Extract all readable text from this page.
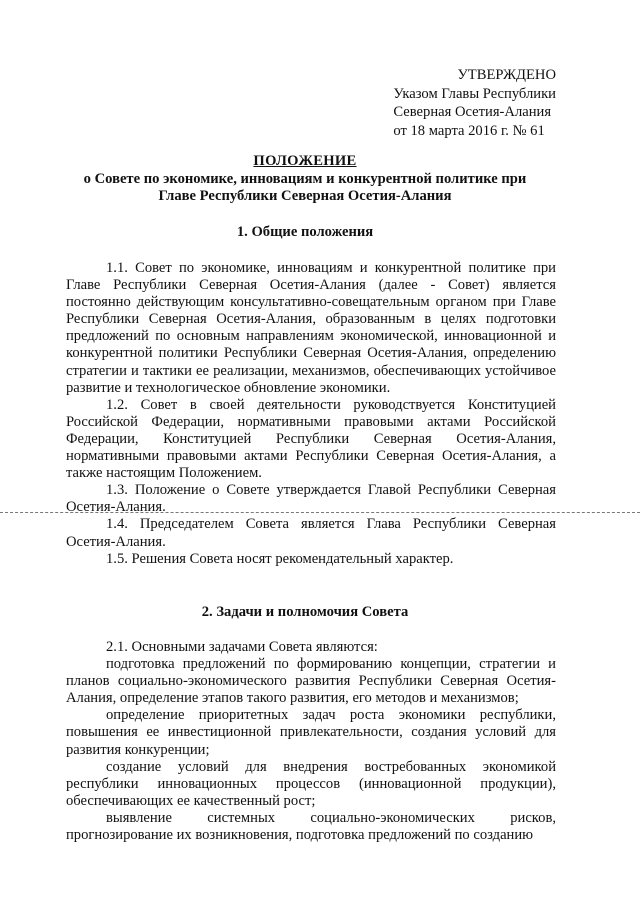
УТВЕРЖДЕНО
Указом Главы Республики
Северная Осетия-Алания
от 18 марта 2016 г. № 61
ПОЛОЖЕНИЕ
о Совете по экономике, инновациям и конкурентной политике при
Главе Республики Северная Осетия-Алания
1. Общие положения

1.1. Совет по экономике, инновациям и конкурентной политике при Главе Республики Северная Осетия-Алания (далее - Совет) является постоянно действующим консультативно-совещательным органом при Главе Республики Северная Осетия-Алания, образованным в целях подготовки предложений по основным направлениям экономической, инновационной и конкурентной политики Республики Северная Осетия-Алания, определению стратегии и тактики ее реализации, механизмов, обеспечивающих устойчивое развитие и технологическое обновление экономики.

1.2. Совет в своей деятельности руководствуется Конституцией Российской Федерации, нормативными правовыми актами Российской Федерации, Конституцией Республики Северная Осетия-Алания, нормативными правовыми актами Республики Северная Осетия-Алания, а также настоящим Положением.

1.3. Положение о Совете утверждается Главой Республики Северная Осетия-Алания.

1.4. Председателем Совета является Глава Республики Северная Осетия-Алания.

1.5. Решения Совета носят рекомендательный характер.

2. Задачи и полномочия Совета

2.1. Основными задачами Совета являются:

подготовка предложений по формированию концепции, стратегии и планов социально-экономического развития Республики Северная Осетия-Алания, определение этапов такого развития, его методов и механизмов;

определение приоритетных задач роста экономики республики, повышения ее инвестиционной привлекательности, создания условий для развития конкуренции;

создание условий для внедрения востребованных экономикой республики инновационных процессов (инновационной продукции), обеспечивающих ее качественный рост;

выявление системных социально-экономических рисков, прогнозирование их возникновения, подготовка предложений по созданию
